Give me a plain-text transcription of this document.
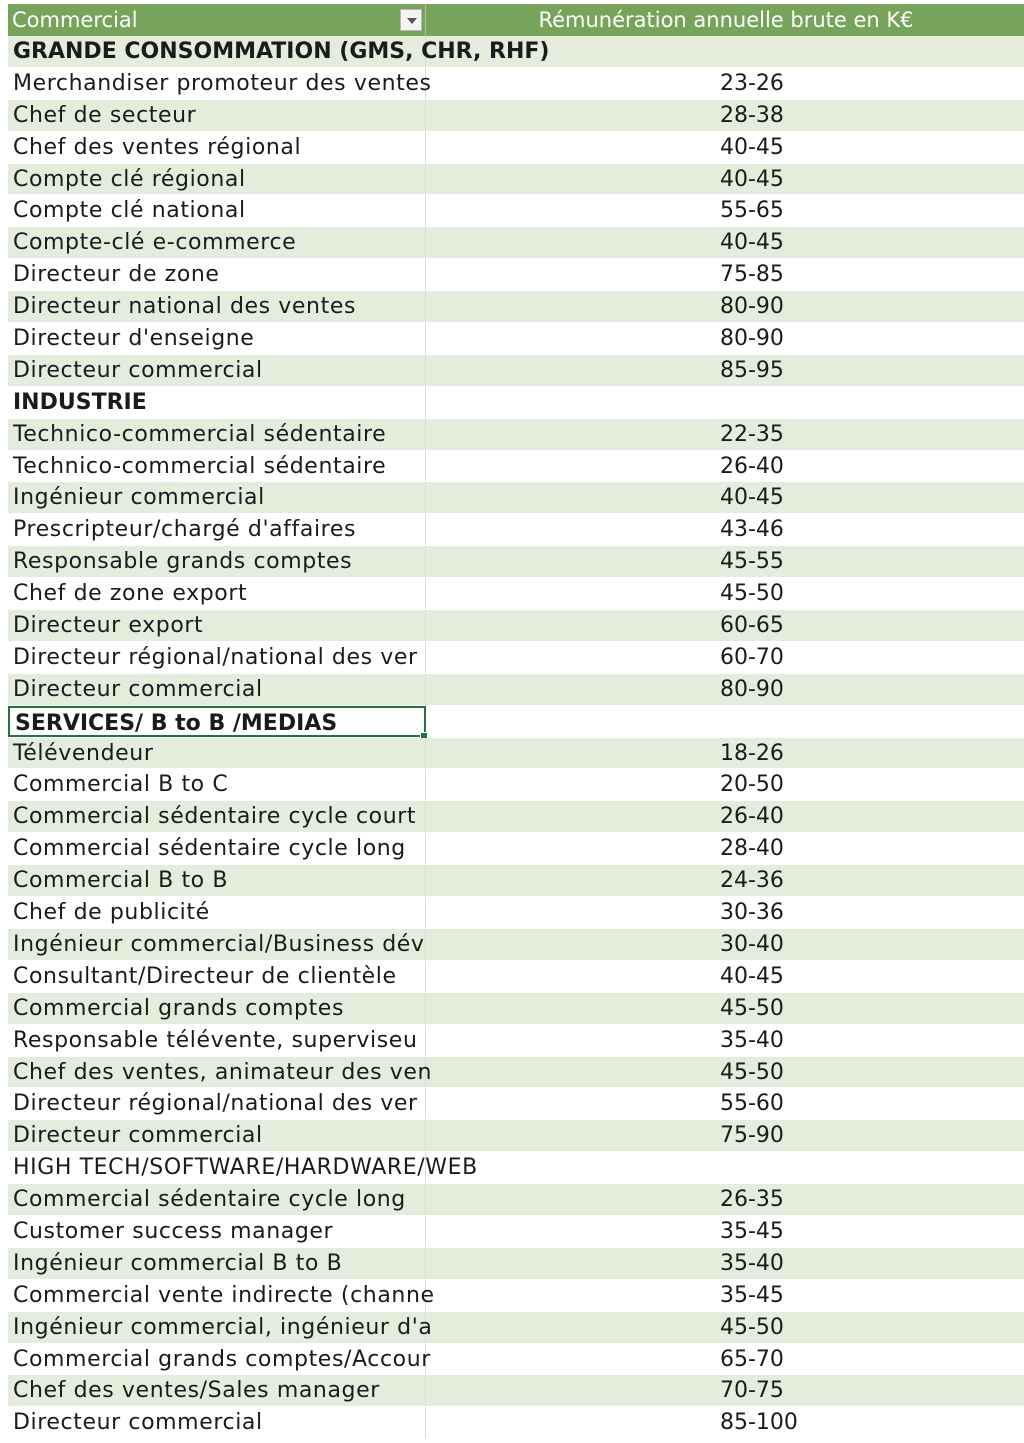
Commercial	Rémunération annuelle brute en K€
GRANDE CONSOMMATION (GMS, CHR, RHF)
Merchandiser promoteur des ventes	23-26
Chef de secteur	28-38
Chef des ventes régional	40-45
Compte clé régional	40-45
Compte clé national	55-65
Compte-clé e-commerce	40-45
Directeur de zone	75-85
Directeur national des ventes	80-90
Directeur d'enseigne	80-90
Directeur commercial	85-95
INDUSTRIE
Technico-commercial sédentaire	22-35
Technico-commercial sédentaire	26-40
Ingénieur commercial	40-45
Prescripteur/chargé d'affaires	43-46
Responsable grands comptes	45-55
Chef de zone export	45-50
Directeur export	60-65
Directeur régional/national des ver	60-70
Directeur commercial	80-90
SERVICES/ B to B /MEDIAS
Télévendeur	18-26
Commercial B to C	20-50
Commercial sédentaire cycle court	26-40
Commercial sédentaire cycle long	28-40
Commercial B to B	24-36
Chef de publicité	30-36
Ingénieur commercial/Business dév	30-40
Consultant/Directeur de clientèle	40-45
Commercial grands comptes	45-50
Responsable télévente, superviseu	35-40
Chef des ventes, animateur des ven	45-50
Directeur régional/national des ver	55-60
Directeur commercial	75-90
HIGH TECH/SOFTWARE/HARDWARE/WEB
Commercial sédentaire cycle long	26-35
Customer success manager	35-45
Ingénieur commercial B to B	35-40
Commercial vente indirecte (channe	35-45
Ingénieur commercial, ingénieur d'a	45-50
Commercial grands comptes/Accour	65-70
Chef des ventes/Sales manager	70-75
Directeur commercial	85-100
